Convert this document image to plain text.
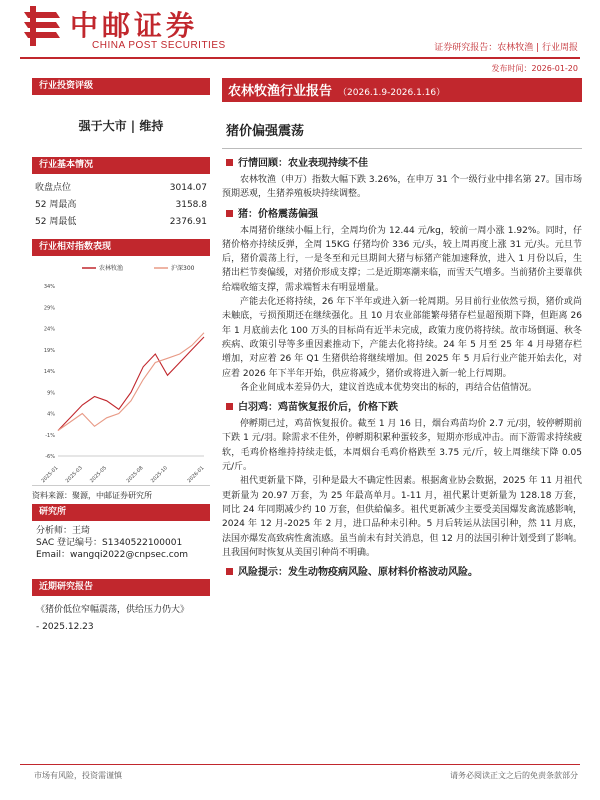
中邮证券
CHINA POST SECURITIES	证券研究报告：农林牧渔 | 行业周报
发布时间：2026-01-20
行业投资评级
强于大市 | 维持
行业基本情况
收盘点位	3014.07
52 周最高	3158.8
52 周最低	2376.91
行业相对指数表现
-6%
-1%
4%
9%
14%
19%
24%
29%
34%
2025-01 2025-03 2025-05	2025-08 2025-10	2026-01
农林牧渔	沪深300
资料来源：聚源，中邮证券研究所
研究所
分析师：王琦
SAC 登记编号：S1340522100001
Email：wangqi2022@cnpsec.com
近期研究报告
《猪价低位窄幅震荡，供给压力仍大》
- 2025.12.23
农林牧渔行业报告 （2026.1.9-2026.1.16）
猪价偏强震荡
行情回顾：农业表现持续不佳
农林牧渔（申万）指数大幅下跌 3.26%，在申万 31 个一级行业中排名第 27。国市场预期恶观，生猪养殖板块持续调整。
猪：价格震荡偏强
本周猪价继续小幅上行，全周均价为 12.44 元/kg，较前一周小涨 1.92%。同时，仔猪价格亦持续反弹，全周 15KG 仔猪均价 336 元/头，较上周再度上涨 31 元/头。元旦节后，猪价震荡上行，一是冬至和元旦期间大猪与标猪产能加速释放，进入 1 月份以后，生猪出栏节奏偏缓，对猪价形成支撑；二是近期寒潮来临，而雪天气增多。当前猪价主要靠供给端收缩支撑，需求端暂未有明显增量。
产能去化还将持续，26 年下半年或进入新一轮周期。另目前行业依然亏损，猪价或尚未触底，亏损预期还在继续强化。且 10 月农业部能繁母猪存栏显超预期下降，但距离 26 年 1 月底前去化 100 万头的目标尚有近半未完成，政策力度仍将持续。故市场倒逼、秋冬疾病、政策引导等多重因素推动下，产能去化将持续。24 年 5 月至 25 年 4 月母猪存栏增加，对应着 26 年 Q1 生猪供给将继续增加。但 2025 年 5 月后行业产能开始去化，对应着 2026 年下半年开始，供应将减少，猪价或将进入新一轮上行周期。
各企业间成本差异仍大，建议首选成本优势突出的标的，再结合估值情况。
白羽鸡：鸡苗恢复报价后，价格下跌
停孵期已过，鸡苗恢复报价。截至 1 月 16 日，烟台鸡苗均价 2.7 元/羽，较停孵期前下跌 1 元/羽。除需求不佳外，停孵期积累种蛋较多，短期亦形成冲击。而下游需求持续疲软，毛鸡价格维持持续走低，本周烟台毛鸡价格跌至 3.75 元/斤，较上周继续下降 0.05 元/斤。
祖代更新量下降，引种是最大不确定性因素。根据禽业协会数据，2025 年 11 月祖代更新量为 20.97 万套，为 25 年最高单月。1-11 月，祖代累计更新量为 128.18 万套，同比 24 年同期减少约 10 万套，但供給偏多。祖代更新减少主要受美国爆发禽流感影响，2024 年 12 月-2025 年 2 月，进口品种未引种。5 月后转运从法国引种，然 11 月底，法国亦爆发高致病性禽流感。虽当前未有封关消息，但 12 月的法国引种计划受到了影响。且我国何时恢复从美国引种尚不明确。
风险提示：发生动物疫病风险、原材料价格波动风险。
市场有风险，投资需谨慎	请务必阅读正文之后的免责条款部分
